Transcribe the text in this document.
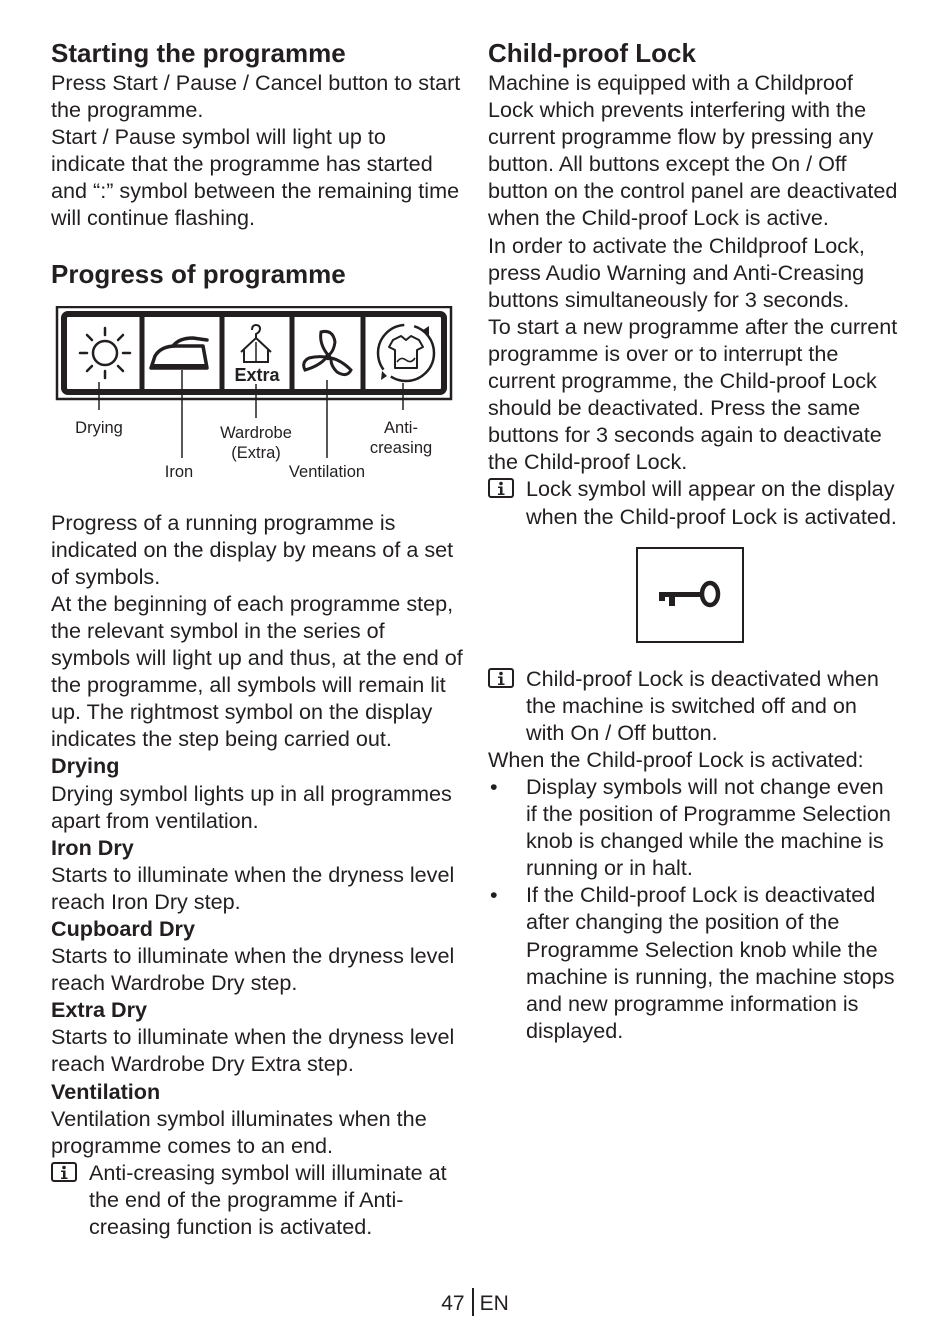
Starting the programme

Press Start / Pause / Cancel button to start the programme.

Start / Pause symbol will light up to indicate that the programme has started and “:” symbol between the remaining time will continue flashing.

Progress of programme
Extra
Drying
Iron
Wardrobe
(Extra)
Ventilation
Anti-
creasing

Progress of a running programme is indicated on the display by means of a set of symbols.

At the beginning of each programme step, the relevant symbol in the series of symbols will light up and thus, at the end of the programme, all symbols will remain lit up. The rightmost symbol on the display indicates the step being carried out.

Drying

Drying symbol lights up in all programmes apart from ventilation.

Iron Dry

Starts to illuminate when the dryness level reach Iron Dry step.

Cupboard Dry

Starts to illuminate when the dryness level reach Wardrobe Dry step.

Extra Dry

Starts to illuminate when the dryness level reach Wardrobe Dry Extra step.

Ventilation

Ventilation symbol illuminates when the programme comes to an end.

Anti-creasing symbol will illuminate at the end of the programme if Anti-creasing function is activated.
Child-proof Lock

Machine is equipped with a Childproof Lock which prevents interfering with the current programme flow by pressing any button. All buttons except the On / Off button on the control panel are deactivated when the Child-proof Lock is active.

In order to activate the Childproof Lock, press Audio Warning and Anti-Creasing buttons simultaneously for 3 seconds.

To start a new programme after the current programme is over or to interrupt the current programme, the Child-proof Lock should be deactivated. Press the same buttons for 3 seconds again to deactivate the Child-proof Lock.

Lock symbol will appear on the display when the Child-proof Lock is activated.
Child-proof Lock is deactivated when the machine is switched off and on with On / Off button.

When the Child-proof Lock is activated:

• Display symbols will not change even if the position of Programme Selection knob is changed while the machine is running or in halt.
• If the Child-proof Lock is deactivated after changing the position of the Programme Selection knob while the machine is running, the machine stops and new programme information is displayed.
47 EN
